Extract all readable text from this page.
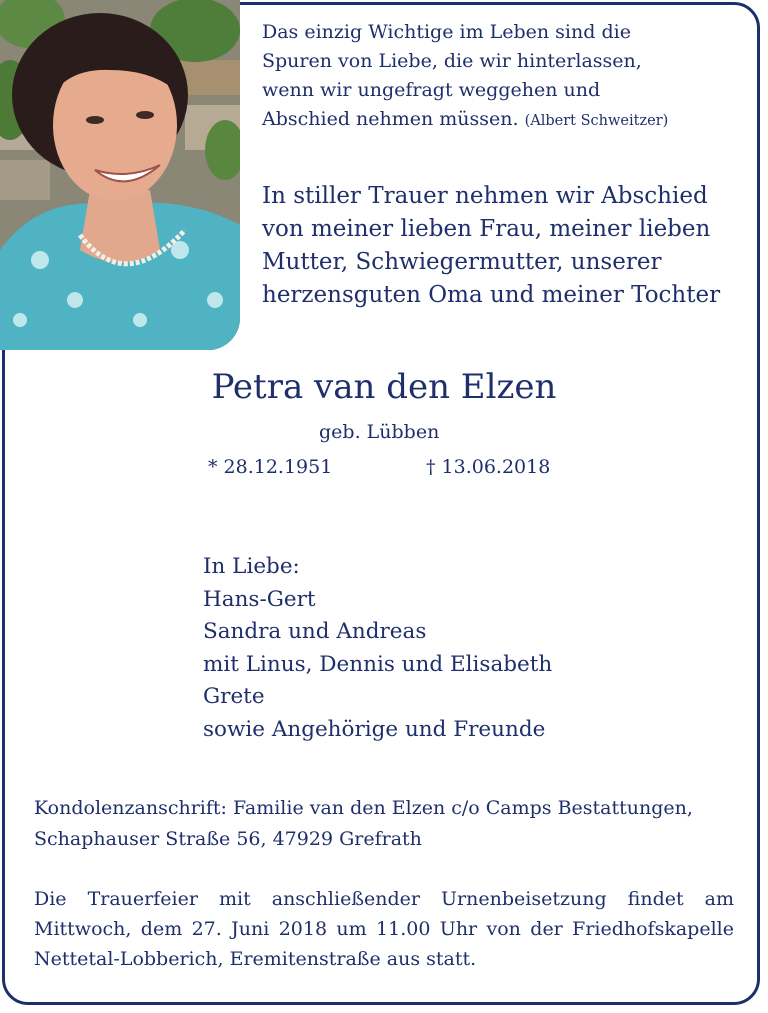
Das einzig Wichtige im Leben sind die
Spuren von Liebe, die wir hinterlassen,
wenn wir ungefragt weggehen und
Abschied nehmen müssen. (Albert Schweitzer)
In stiller Trauer nehmen wir Abschied
von meiner lieben Frau, meiner lieben
Mutter, Schwiegermutter, unserer
herzensguten Oma und meiner Tochter
Petra van den Elzen
geb. Lübben
* 28.12.1951	† 13.06.2018
In Liebe:
Hans-Gert
Sandra und Andreas
mit Linus, Dennis und Elisabeth
Grete
sowie Angehörige und Freunde
Kondolenzanschrift: Familie van den Elzen c/o Camps Bestattungen,
Schaphauser Straße 56, 47929 Grefrath
Die Trauerfeier mit anschließender Urnenbeisetzung findet am Mittwoch, dem 27. Juni 2018 um 11.00 Uhr von der Friedhofskapelle Nettetal-Lobberich, Eremitenstraße aus statt.
